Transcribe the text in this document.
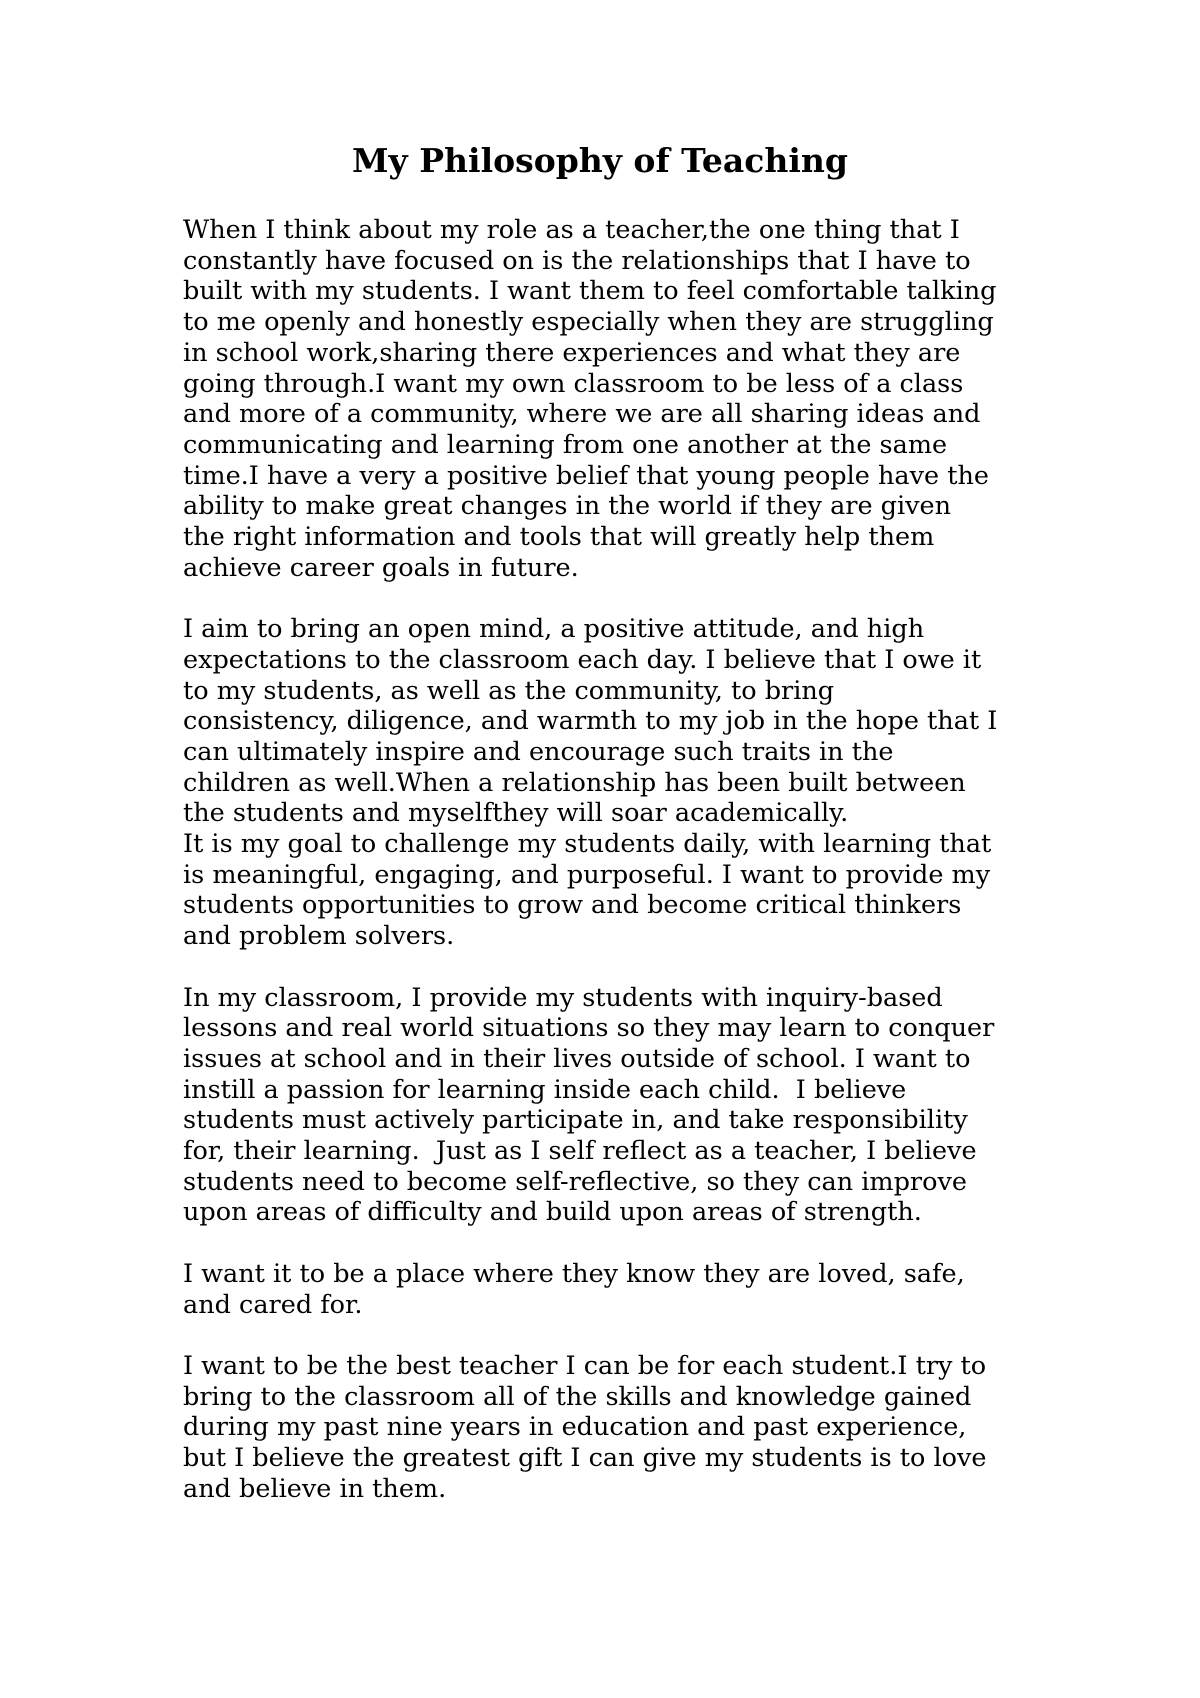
My Philosophy of Teaching

When I think about my role as a teacher,the one thing that I
constantly have focused on is the relationships that I have to
built with my students. I want them to feel comfortable talking
to me openly and honestly especially when they are struggling
in school work,sharing there experiences and what they are
going through.I want my own classroom to be less of a class
and more of a community, where we are all sharing ideas and
communicating and learning from one another at the same
time.I have a very a positive belief that young people have the
ability to make great changes in the world if they are given
the right information and tools that will greatly help them
achieve career goals in future.

I aim to bring an open mind, a positive attitude, and high
expectations to the classroom each day. I believe that I owe it
to my students, as well as the community, to bring
consistency, diligence, and warmth to my job in the hope that I
can ultimately inspire and encourage such traits in the
children as well.When a relationship has been built between
the students and myselfthey will soar academically.
It is my goal to challenge my students daily, with learning that
is meaningful, engaging, and purposeful. I want to provide my
students opportunities to grow and become critical thinkers
and problem solvers.

In my classroom, I provide my students with inquiry-based
lessons and real world situations so they may learn to conquer
issues at school and in their lives outside of school. I want to
instill a passion for learning inside each child.  I believe
students must actively participate in, and take responsibility
for, their learning.  Just as I self reflect as a teacher, I believe
students need to become self-reflective, so they can improve
upon areas of difficulty and build upon areas of strength.

I want it to be a place where they know they are loved, safe,
and cared for.

I want to be the best teacher I can be for each student.I try to
bring to the classroom all of the skills and knowledge gained
during my past nine years in education and past experience,
but I believe the greatest gift I can give my students is to love
and believe in them.
